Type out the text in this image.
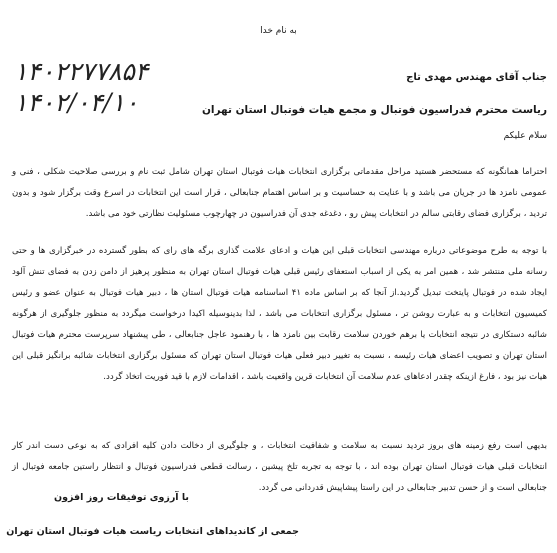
به نام خدا
۱۴۰۲۲۷۷۸۵۴
۱۴۰۲/۰۴/۱۰
جناب آقای مهندس مهدی تاج
ریاست محترم فدراسیون فوتبال و مجمع هیات فوتبال استان تهران
سلام علیکم

احتراما همانگونه که مستحضر هستید مراحل مقدماتی برگزاری انتخابات هیات فوتبال استان تهران شامل ثبت نام و بررسی صلاحیت شکلی ، فنی و عمومی نامزد ها در جریان می باشد و با عنایت به حساسیت و بر اساس اهتمام جنابعالی ، قرار است این انتخابات در اسرع وقت برگزار شود و بدون تردید ، برگزاری فضای رقابتی سالم در انتخابات پیش رو ، دغدغه جدی آن فدراسیون در چهارچوب مسئولیت نظارتی خود می باشد.

با توجه به طرح موضوعاتی درباره مهندسی انتخابات قبلی این هیات و ادعای علامت گذاری برگه های رای که بطور گسترده در خبرگزاری ها و حتی رسانه ملی منتشر شد ، همین امر به یکی از اسباب استعفای رئیس قبلی هیات فوتبال استان تهران به منظور پرهیز از دامن زدن به فضای تنش آلود ایجاد شده در فوتبال پایتخت تبدیل گردید.از آنجا که بر اساس ماده ۴۱ اساسنامه هیات فوتبال استان ها ، دبیر هیات فوتبال به عنوان عضو و رئیس کمیسیون انتخابات و به عبارت روشن تر ، مسئول برگزاری انتخابات می باشد ، لذا بدینوسیله اکیدا درخواست میگردد به منظور جلوگیری از هرگونه شائبه دستکاری در نتیجه انتخابات یا برهم خوردن سلامت رقابت بین نامزد ها ، با رهنمود عاجل جنابعالی ، طی پیشنهاد سرپرست محترم هیات فوتبال استان تهران و تصویب اعضای هیات رئیسه ، نسبت به تغییر دبیر فعلی هیات فوتبال استان تهران که مسئول برگزاری انتخابات شائبه برانگیز قبلی این هیات نیز بود ، فارغ ازینکه چقدر ادعاهای عدم سلامت آن انتخابات قرین واقعیت باشد ، اقدامات لازم با قید فوریت اتخاذ گردد.

بدیهی است رفع زمینه های بروز تردید نسبت به سلامت و شفافیت انتخابات ، و جلوگیری از دخالت دادن کلیه افرادی که به نوعی دست اندر کار انتخابات قبلی هیات فوتبال استان تهران بوده اند ، با توجه به تجربه تلخ پیشین ، رسالت قطعی فدراسیون فوتبال و انتظار راستین جامعه فوتبال از جنابعالی است و از حسن تدبیر جنابعالی در این راستا پیشاپیش قدردانی می گردد.

با آرزوی توفیقات روز افزون
جمعی از کاندیداهای انتخابات ریاست هیات فوتبال استان تهران
